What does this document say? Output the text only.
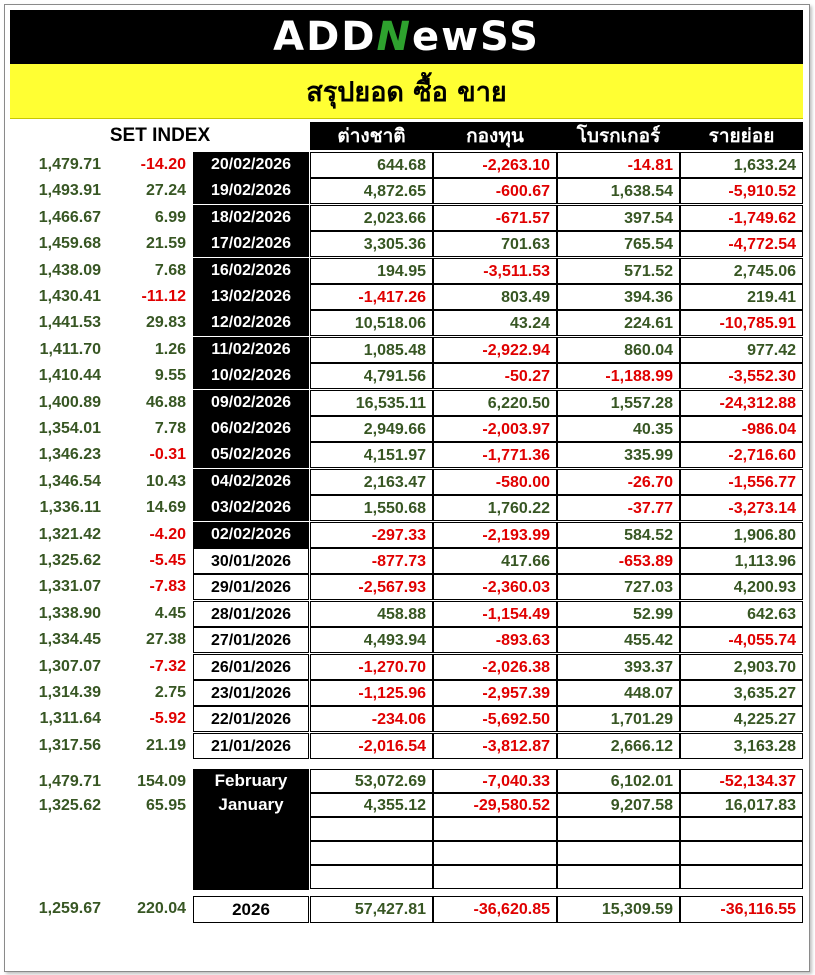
ADDNewSS
สรุปยอด ซื้อ ขาย
SET INDEX	ต่างชาติ	กองทุน	โบรกเกอร์	รายย่อย
1,479.71	-14.20	20/02/2026	644.68	-2,263.10	-14.81	1,633.24
1,493.91	27.24	19/02/2026	4,872.65	-600.67	1,638.54	-5,910.52
1,466.67	6.99	18/02/2026	2,023.66	-671.57	397.54	-1,749.62
1,459.68	21.59	17/02/2026	3,305.36	701.63	765.54	-4,772.54
1,438.09	7.68	16/02/2026	194.95	-3,511.53	571.52	2,745.06
1,430.41	-11.12	13/02/2026	-1,417.26	803.49	394.36	219.41
1,441.53	29.83	12/02/2026	10,518.06	43.24	224.61	-10,785.91
1,411.70	1.26	11/02/2026	1,085.48	-2,922.94	860.04	977.42
1,410.44	9.55	10/02/2026	4,791.56	-50.27	-1,188.99	-3,552.30
1,400.89	46.88	09/02/2026	16,535.11	6,220.50	1,557.28	-24,312.88
1,354.01	7.78	06/02/2026	2,949.66	-2,003.97	40.35	-986.04
1,346.23	-0.31	05/02/2026	4,151.97	-1,771.36	335.99	-2,716.60
1,346.54	10.43	04/02/2026	2,163.47	-580.00	-26.70	-1,556.77
1,336.11	14.69	03/02/2026	1,550.68	1,760.22	-37.77	-3,273.14
1,321.42	-4.20	02/02/2026	-297.33	-2,193.99	584.52	1,906.80
1,325.62	-5.45	30/01/2026	-877.73	417.66	-653.89	1,113.96
1,331.07	-7.83	29/01/2026	-2,567.93	-2,360.03	727.03	4,200.93
1,338.90	4.45	28/01/2026	458.88	-1,154.49	52.99	642.63
1,334.45	27.38	27/01/2026	4,493.94	-893.63	455.42	-4,055.74
1,307.07	-7.32	26/01/2026	-1,270.70	-2,026.38	393.37	2,903.70
1,314.39	2.75	23/01/2026	-1,125.96	-2,957.39	448.07	3,635.27
1,311.64	-5.92	22/01/2026	-234.06	-5,692.50	1,701.29	4,225.27
1,317.56	21.19	21/01/2026	-2,016.54	-3,812.87	2,666.12	3,163.28
1,479.71	154.09	February	53,072.69	-7,040.33	6,102.01	-52,134.37
1,325.62	65.95	January	4,355.12	-29,580.52	9,207.58	16,017.83
1,259.67	220.04	2026	57,427.81	-36,620.85	15,309.59	-36,116.55
